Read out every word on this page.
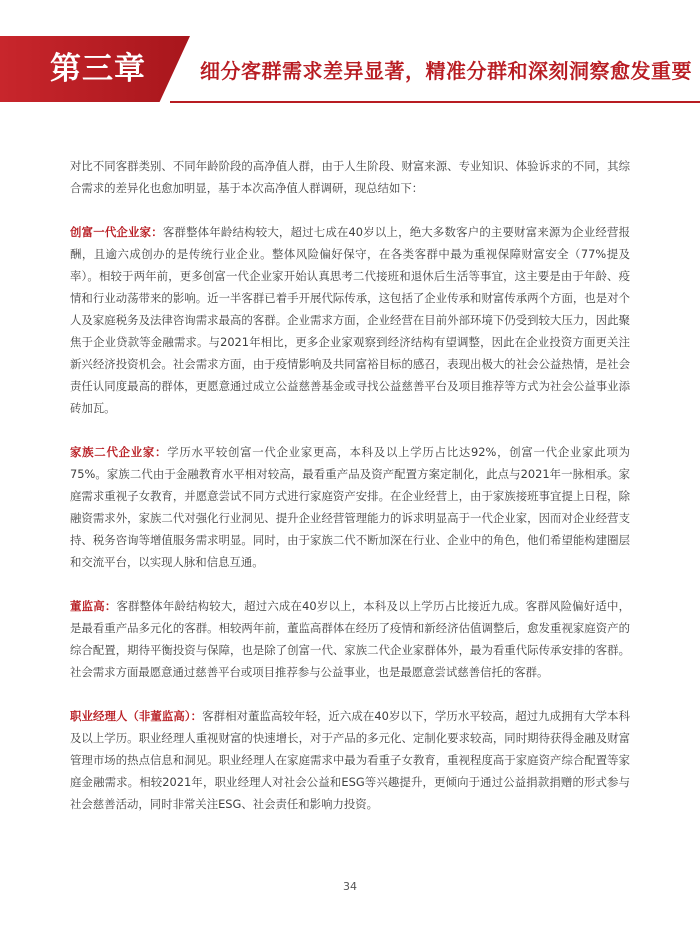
第三章	细分客群需求差异显著，精准分群和深刻洞察愈发重要

对比不同客群类别、不同年龄阶段的高净值人群，由于人生阶段、财富来源、专业知识、体验诉求的不同，其综合需求的差异化也愈加明显，基于本次高净值人群调研，现总结如下：

创富一代企业家：客群整体年龄结构较大，超过七成在40岁以上，绝大多数客户的主要财富来源为企业经营报酬，且逾六成创办的是传统行业企业。整体风险偏好保守，在各类客群中最为重视保障财富安全（77%提及率）。相较于两年前，更多创富一代企业家开始认真思考二代接班和退休后生活等事宜，这主要是由于年龄、疫情和行业动荡带来的影响。近一半客群已着手开展代际传承，这包括了企业传承和财富传承两个方面，也是对个人及家庭税务及法律咨询需求最高的客群。企业需求方面，企业经营在目前外部环境下仍受到较大压力，因此聚焦于企业贷款等金融需求。与2021年相比，更多企业家观察到经济结构有望调整，因此在企业投资方面更关注新兴经济投资机会。社会需求方面，由于疫情影响及共同富裕目标的感召，表现出极大的社会公益热情，是社会责任认同度最高的群体，更愿意通过成立公益慈善基金或寻找公益慈善平台及项目推荐等方式为社会公益事业添砖加瓦。

家族二代企业家：学历水平较创富一代企业家更高，本科及以上学历占比达92%，创富一代企业家此项为75%。家族二代由于金融教育水平相对较高，最看重产品及资产配置方案定制化，此点与2021年一脉相承。家庭需求重视子女教育，并愿意尝试不同方式进行家庭资产安排。在企业经营上，由于家族接班事宜提上日程，除融资需求外，家族二代对强化行业洞见、提升企业经营管理能力的诉求明显高于一代企业家，因而对企业经营支持、税务咨询等增值服务需求明显。同时，由于家族二代不断加深在行业、企业中的角色，他们希望能构建圈层和交流平台，以实现人脉和信息互通。

董监高：客群整体年龄结构较大，超过六成在40岁以上，本科及以上学历占比接近九成。客群风险偏好适中，是最看重产品多元化的客群。相较两年前，董监高群体在经历了疫情和新经济估值调整后，愈发重视家庭资产的综合配置，期待平衡投资与保障，也是除了创富一代、家族二代企业家群体外，最为看重代际传承安排的客群。社会需求方面最愿意通过慈善平台或项目推荐参与公益事业，也是最愿意尝试慈善信托的客群。

职业经理人（非董监高）：客群相对董监高较年轻，近六成在40岁以下，学历水平较高，超过九成拥有大学本科及以上学历。职业经理人重视财富的快速增长，对于产品的多元化、定制化要求较高，同时期待获得金融及财富管理市场的热点信息和洞见。职业经理人在家庭需求中最为看重子女教育，重视程度高于家庭资产综合配置等家庭金融需求。相较2021年，职业经理人对社会公益和ESG等兴趣提升，更倾向于通过公益捐款捐赠的形式参与社会慈善活动，同时非常关注ESG、社会责任和影响力投资。

34
